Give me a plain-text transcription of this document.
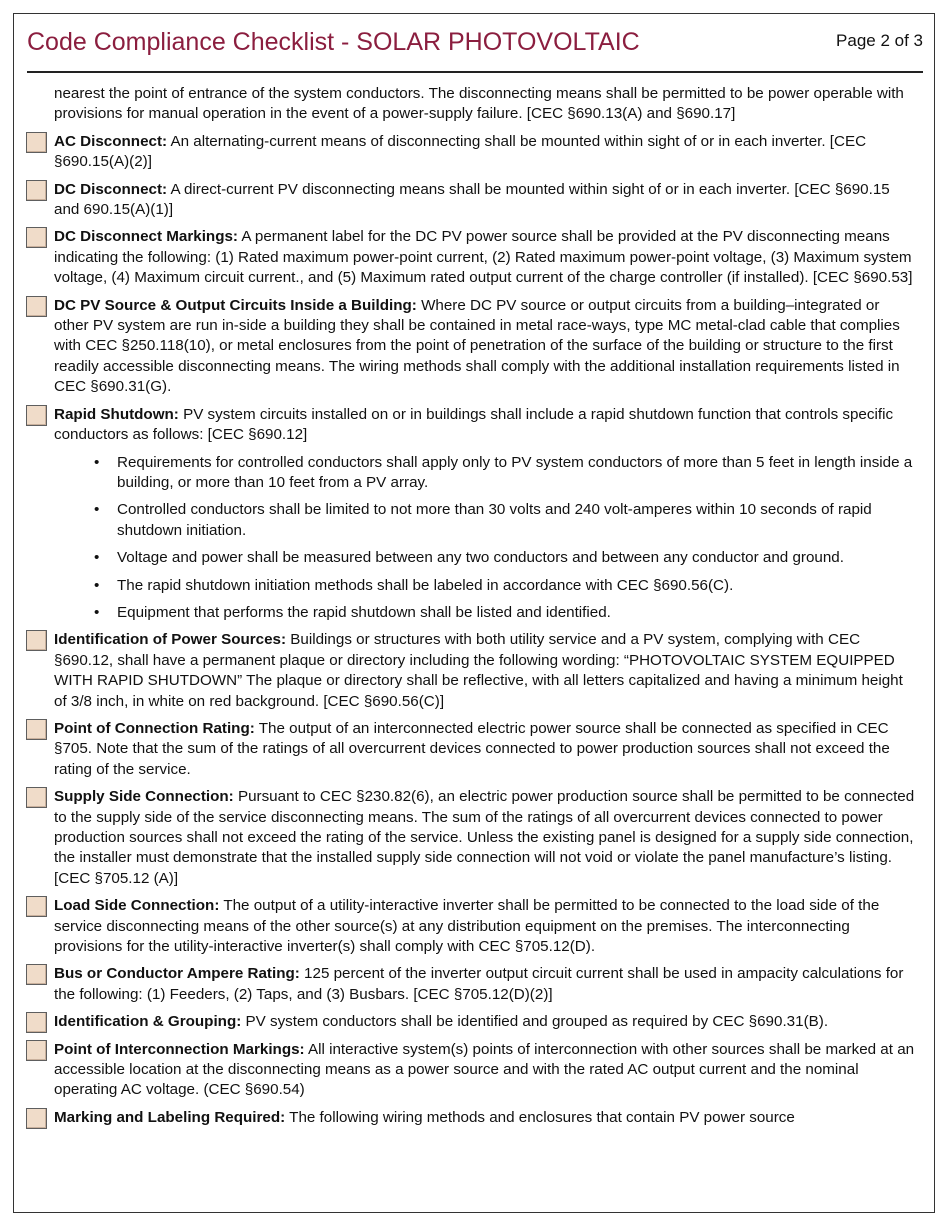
Code Compliance Checklist - SOLAR PHOTOVOLTAIC	Page 2 of 3
nearest the point of entrance of the system conductors. The disconnecting means shall be permitted to be power operable with provisions for manual operation in the event of a power-supply failure. [CEC §690.13(A) and §690.17]
AC Disconnect: An alternating-current means of disconnecting shall be mounted within sight of or in each inverter. [CEC §690.15(A)(2)]
DC Disconnect: A direct-current PV disconnecting means shall be mounted within sight of or in each inverter. [CEC §690.15 and 690.15(A)(1)]
DC Disconnect Markings: A permanent label for the DC PV power source shall be provided at the PV disconnecting means indicating the following: (1) Rated maximum power-point current, (2) Rated maximum power-point voltage, (3) Maximum system voltage, (4) Maximum circuit current., and (5) Maximum rated output current of the charge controller (if installed). [CEC §690.53]
DC PV Source & Output Circuits Inside a Building: Where DC PV source or output circuits from a building–integrated or other PV system are run in-side a building they shall be contained in metal race-ways, type MC metal-clad cable that complies with CEC §250.118(10), or metal enclosures from the point of penetration of the surface of the building or structure to the first readily accessible disconnecting means. The wiring methods shall comply with the additional installation requirements listed in CEC §690.31(G).
Rapid Shutdown: PV system circuits installed on or in buildings shall include a rapid shutdown function that controls specific conductors as follows: [CEC §690.12]
• Requirements for controlled conductors shall apply only to PV system conductors of more than 5 feet in length inside a building, or more than 10 feet from a PV array.
• Controlled conductors shall be limited to not more than 30 volts and 240 volt-amperes within 10 seconds of rapid shutdown initiation.
• Voltage and power shall be measured between any two conductors and between any conductor and ground.
• The rapid shutdown initiation methods shall be labeled in accordance with CEC §690.56(C).
• Equipment that performs the rapid shutdown shall be listed and identified.
Identification of Power Sources: Buildings or structures with both utility service and a PV system, complying with CEC §690.12, shall have a permanent plaque or directory including the following wording: “PHOTOVOLTAIC SYSTEM EQUIPPED WITH RAPID SHUTDOWN” The plaque or directory shall be reflective, with all letters capitalized and having a minimum height of 3/8 inch, in white on red background. [CEC §690.56(C)]
Point of Connection Rating: The output of an interconnected electric power source shall be connected as specified in CEC §705. Note that the sum of the ratings of all overcurrent devices connected to power production sources shall not exceed the rating of the service.
Supply Side Connection: Pursuant to CEC §230.82(6), an electric power production source shall be permitted to be connected to the supply side of the service disconnecting means. The sum of the ratings of all overcurrent devices connected to power production sources shall not exceed the rating of the service. Unless the existing panel is designed for a supply side connection, the installer must demonstrate that the installed supply side connection will not void or violate the panel manufacture’s listing. [CEC §705.12 (A)]
Load Side Connection: The output of a utility-interactive inverter shall be permitted to be connected to the load side of the service disconnecting means of the other source(s) at any distribution equipment on the premises. The interconnecting provisions for the utility-interactive inverter(s) shall comply with CEC §705.12(D).
Bus or Conductor Ampere Rating: 125 percent of the inverter output circuit current shall be used in ampacity calculations for the following: (1) Feeders, (2) Taps, and (3) Busbars. [CEC §705.12(D)(2)]
Identification & Grouping: PV system conductors shall be identified and grouped as required by CEC §690.31(B).
Point of Interconnection Markings: All interactive system(s) points of interconnection with other sources shall be marked at an accessible location at the disconnecting means as a power source and with the rated AC output current and the nominal operating AC voltage. (CEC §690.54)
Marking and Labeling Required: The following wiring methods and enclosures that contain PV power source
